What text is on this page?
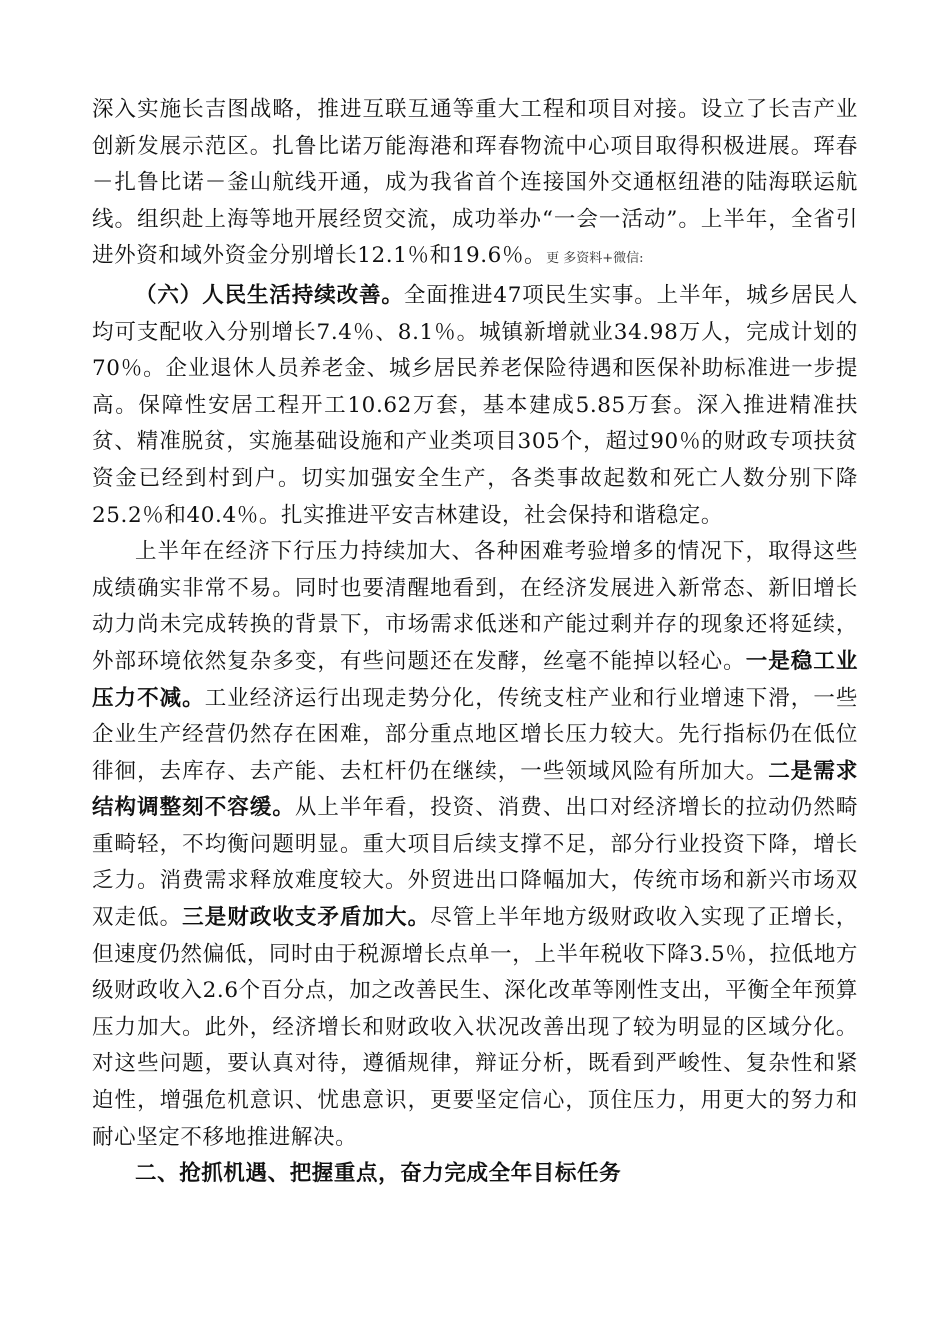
深入实施长吉图战略，推进互联互通等重大工程和项目对接。设立了长吉产业创新发展示范区。扎鲁比诺万能海港和珲春物流中心项目取得积极进展。珲春－扎鲁比诺－釜山航线开通，成为我省首个连接国外交通枢纽港的陆海联运航线。组织赴上海等地开展经贸交流，成功举办“一会一活动”。上半年，全省引进外资和域外资金分别增长12.1％和19.6％。更 多资料+微信:

（六）人民生活持续改善。全面推进47项民生实事。上半年，城乡居民人均可支配收入分别增长7.4％、8.1％。城镇新增就业34.98万人，完成计划的70％。企业退休人员养老金、城乡居民养老保险待遇和医保补助标准进一步提高。保障性安居工程开工10.62万套，基本建成5.85万套。深入推进精准扶贫、精准脱贫，实施基础设施和产业类项目305个，超过90％的财政专项扶贫资金已经到村到户。切实加强安全生产，各类事故起数和死亡人数分别下降25.2％和40.4％。扎实推进平安吉林建设，社会保持和谐稳定。

上半年在经济下行压力持续加大、各种困难考验增多的情况下，取得这些成绩确实非常不易。同时也要清醒地看到，在经济发展进入新常态、新旧增长动力尚未完成转换的背景下，市场需求低迷和产能过剩并存的现象还将延续，外部环境依然复杂多变，有些问题还在发酵，丝毫不能掉以轻心。一是稳工业压力不减。工业经济运行出现走势分化，传统支柱产业和行业增速下滑，一些企业生产经营仍然存在困难，部分重点地区增长压力较大。先行指标仍在低位徘徊，去库存、去产能、去杠杆仍在继续，一些领域风险有所加大。二是需求结构调整刻不容缓。从上半年看，投资、消费、出口对经济增长的拉动仍然畸重畸轻，不均衡问题明显。重大项目后续支撑不足，部分行业投资下降，增长乏力。消费需求释放难度较大。外贸进出口降幅加大，传统市场和新兴市场双双走低。三是财政收支矛盾加大。尽管上半年地方级财政收入实现了正增长，但速度仍然偏低，同时由于税源增长点单一，上半年税收下降3.5％，拉低地方级财政收入2.6个百分点，加之改善民生、深化改革等刚性支出，平衡全年预算压力加大。此外，经济增长和财政收入状况改善出现了较为明显的区域分化。对这些问题，要认真对待，遵循规律，辩证分析，既看到严峻性、复杂性和紧迫性，增强危机意识、忧患意识，更要坚定信心，顶住压力，用更大的努力和耐心坚定不移地推进解决。

二、抢抓机遇、把握重点，奋力完成全年目标任务
